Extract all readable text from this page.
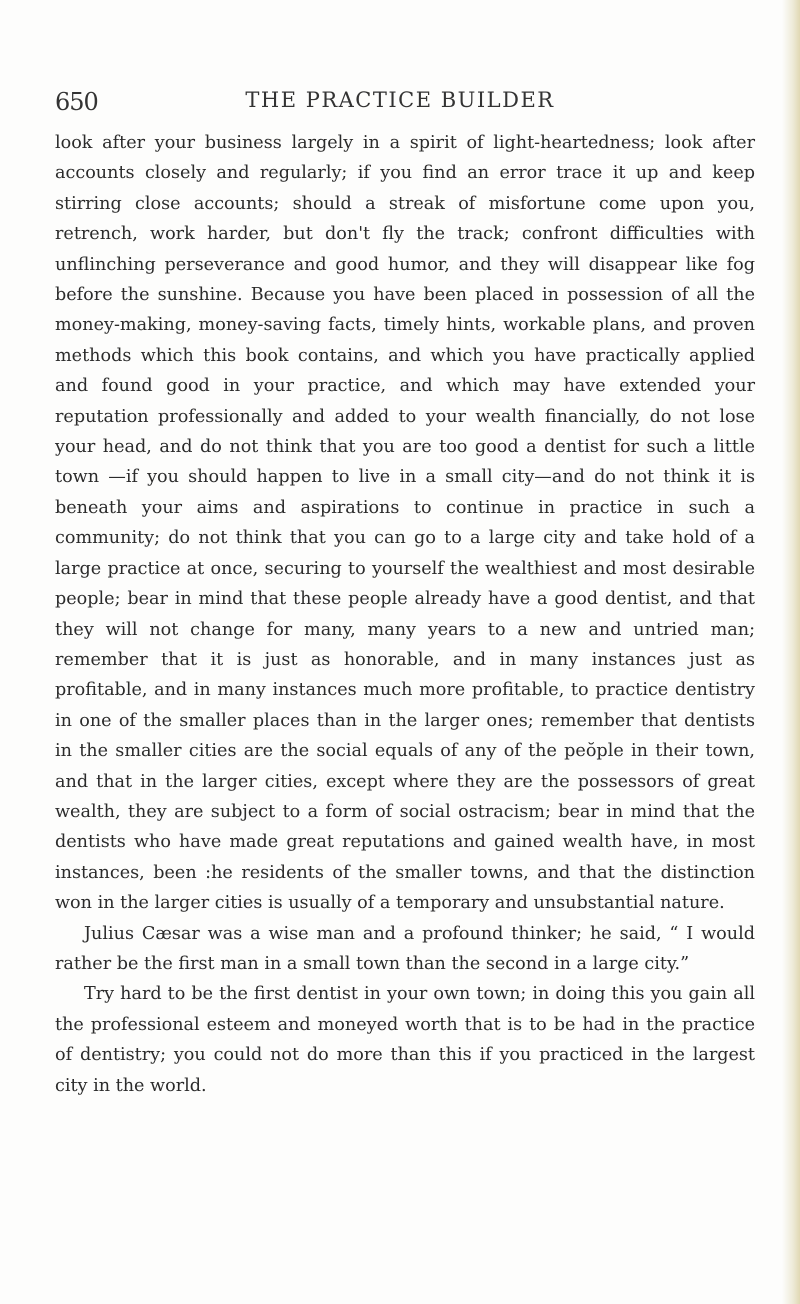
650	THE PRACTICE BUILDER

look after your business largely in a spirit of light-heartedness; look after accounts closely and regularly; if you find an error trace it up and keep stirring close accounts; should a streak of misfortune come upon you, retrench, work harder, but don't fly the track; confront difficulties with unflinching perseverance and good humor, and they will disappear like fog before the sunshine. Because you have been placed in possession of all the money-making, money-saving facts, timely hints, workable plans, and proven methods which this book contains, and which you have practically applied and found good in your practice, and which may have extended your reputation professionally and added to your wealth financially, do not lose your head, and do not think that you are too good a dentist for such a little town —if you should happen to live in a small city—and do not think it is beneath your aims and aspirations to continue in practice in such a community; do not think that you can go to a large city and take hold of a large practice at once, securing to yourself the wealthiest and most desirable people; bear in mind that these people already have a good dentist, and that they will not change for many, many years to a new and untried man; remember that it is just as honorable, and in many instances just as profitable, and in many instances much more profitable, to practice dentistry in one of the smaller places than in the larger ones; remember that dentists in the smaller cities are the social equals of any of the peŏple in their town, and that in the larger cities, except where they are the possessors of great wealth, they are subject to a form of social ostracism; bear in mind that the dentists who have made great reputations and gained wealth have, in most instances, been :he residents of the smaller towns, and that the distinction won in the larger cities is usually of a temporary and unsubstantial nature.

Julius Cæsar was a wise man and a profound thinker; he said, “ I would rather be the first man in a small town than the second in a large city.”

Try hard to be the first dentist in your own town; in doing this you gain all the professional esteem and moneyed worth that is to be had in the practice of dentistry; you could not do more than this if you practiced in the largest city in the world.
